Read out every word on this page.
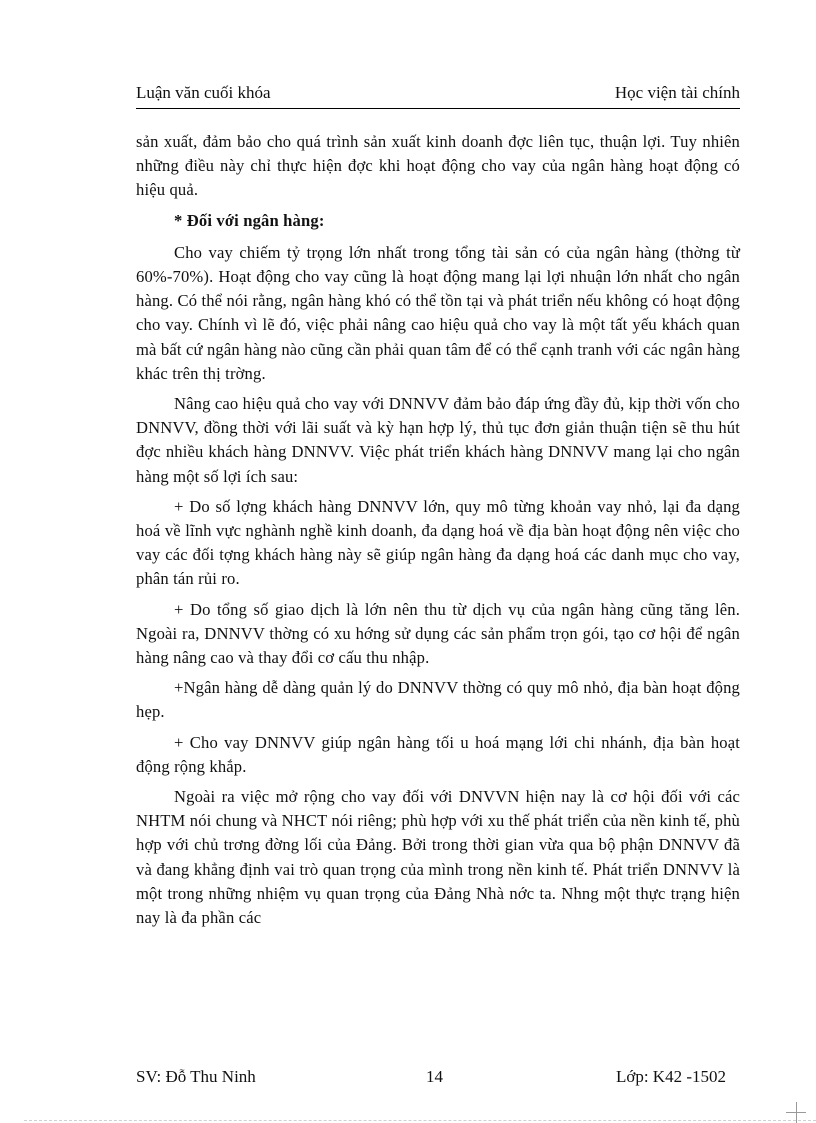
Luận văn cuối khóa	Học viện tài chính

sản xuất, đảm bảo cho quá trình sản xuất kinh doanh đợc liên tục, thuận lợi. Tuy nhiên những điều này chỉ thực hiện đợc khi hoạt động cho vay của ngân hàng hoạt động có hiệu quả.

* Đối với ngân hàng:

Cho vay chiếm tỷ trọng lớn nhất trong tổng tài sản có của ngân hàng (thờng từ 60%-70%). Hoạt động cho vay cũng là hoạt động mang lại lợi nhuận lớn nhất cho ngân hàng. Có thể nói rằng, ngân hàng khó có thể tồn tại và phát triển nếu không có hoạt động cho vay. Chính vì lẽ đó, việc phải nâng cao hiệu quả cho vay là một tất yếu khách quan mà bất cứ ngân hàng nào cũng cần phải quan tâm để có thể cạnh tranh với các ngân hàng khác trên thị trờng.

Nâng cao hiệu quả cho vay với DNNVV đảm bảo đáp ứng đầy đủ, kịp thời vốn cho DNNVV, đồng thời với lãi suất và kỳ hạn hợp lý, thủ tục đơn giản thuận tiện sẽ thu hút đợc nhiều khách hàng DNNVV. Việc phát triển khách hàng DNNVV mang lại cho ngân hàng một số lợi ích sau:

+ Do số lợng khách hàng DNNVV lớn, quy mô từng khoản vay nhỏ, lại đa dạng hoá về lĩnh vực nghành nghề kinh doanh, đa dạng hoá về địa bàn hoạt động nên việc cho vay các đối tợng khách hàng này sẽ giúp ngân hàng đa dạng hoá các danh mục cho vay, phân tán rủi ro.

+ Do tổng số giao dịch là lớn nên thu từ dịch vụ của ngân hàng cũng tăng lên. Ngoài ra, DNNVV thờng có xu hớng sử dụng các sản phẩm trọn gói, tạo cơ hội để ngân hàng nâng cao và thay đổi cơ cấu thu nhập.

+Ngân hàng dễ dàng quản lý do DNNVV thờng có quy mô nhỏ, địa bàn hoạt động hẹp.

+ Cho vay DNNVV giúp ngân hàng tối u hoá mạng lới chi nhánh, địa bàn hoạt động rộng khắp.

Ngoài ra việc mở rộng cho vay đối với DNVVN hiện nay là cơ hội đối với các NHTM nói chung và NHCT nói riêng; phù hợp với xu thế phát triển của nền kinh tế, phù hợp với chủ trơng đờng lối của Đảng. Bởi trong thời gian vừa qua bộ phận DNNVV đã và đang khẳng định vai trò quan trọng của mình trong nền kinh tế. Phát triển DNNVV là một trong những nhiệm vụ quan trọng của Đảng Nhà nớc ta. Nhng một thực trạng hiện nay là đa phần các

SV: Đỗ Thu Ninh	14	Lớp: K42 -1502
